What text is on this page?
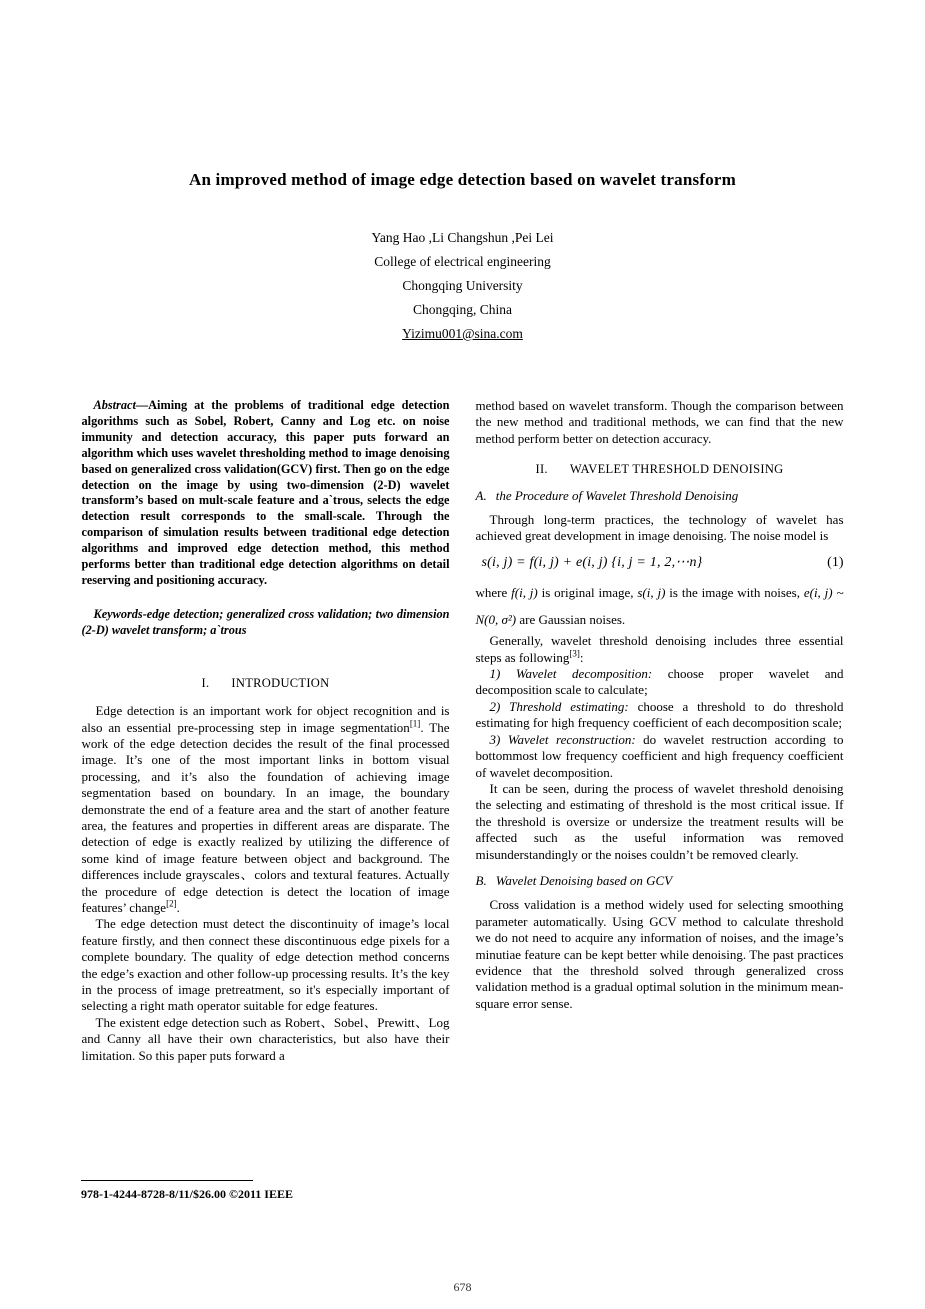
An improved method of image edge detection based on wavelet transform
Yang Hao ,Li Changshun ,Pei Lei
College of electrical engineering
Chongqing University
Chongqing, China
Yizimu001@sina.com

Abstract—Aiming at the problems of traditional edge detection algorithms such as Sobel, Robert, Canny and Log etc. on noise immunity and detection accuracy, this paper puts forward an algorithm which uses wavelet thresholding method to image denoising based on generalized cross validation(GCV) first. Then go on the edge detection on the image by using two-dimension (2-D) wavelet transform’s based on mult-scale feature and a`trous, selects the edge detection result corresponds to the small-scale. Through the comparison of simulation results between traditional edge detection algorithms and improved edge detection method, this method performs better than traditional edge detection algorithms on detail reserving and positioning accuracy.

Keywords-edge detection; generalized cross validation; two dimension (2-D) wavelet transform; a`trous

I. INTRODUCTION

Edge detection is an important work for object recognition and is also an essential pre-processing step in image segmentation[1]. The work of the edge detection decides the result of the final processed image. It’s one of the most important links in bottom visual processing, and it’s also the foundation of achieving image segmentation based on boundary. In an image, the boundary demonstrate the end of a feature area and the start of another feature area, the features and properties in different areas are disparate. The detection of edge is exactly realized by utilizing the difference of some kind of image feature between object and background. The differences include grayscales、colors and textural features. Actually the procedure of edge detection is detect the location of image features’ change[2].

The edge detection must detect the discontinuity of image’s local feature firstly, and then connect these discontinuous edge pixels for a complete boundary. The quality of edge detection method concerns the edge’s exaction and other follow-up processing results. It’s the key in the process of image pretreatment, so it's especially important of selecting a right math operator suitable for edge features.

The existent edge detection such as Robert、Sobel、Prewitt、Log and Canny all have their own characteristics, but also have their limitation. So this paper puts forward a

method based on wavelet transform. Though the comparison between the new method and traditional methods, we can find that the new method perform better on detection accuracy.

II. WAVELET THRESHOLD DENOISING
A. the Procedure of Wavelet Threshold Denoising

Through long-term practices, the technology of wavelet has achieved great development in image denoising. The noise model is

s(i, j) = f(i, j) + e(i, j) {i, j = 1, 2,⋯n}	(1)

where f(i, j) is original image, s(i, j) is the image with noises, e(i, j) ~ N(0, σ²) are Gaussian noises.

Generally, wavelet threshold denoising includes three essential steps as following[3]:

1) Wavelet decomposition: choose proper wavelet and decomposition scale to calculate;

2) Threshold estimating: choose a threshold to do threshold estimating for high frequency coefficient of each decomposition scale;

3) Wavelet reconstruction: do wavelet restruction according to bottommost low frequency coefficient and high frequency coefficient of wavelet decomposition.

It can be seen, during the process of wavelet threshold denoising the selecting and estimating of threshold is the most critical issue. If the threshold is oversize or undersize the treatment results will be affected such as the useful information was removed misunderstandingly or the noises couldn’t be removed clearly.

B. Wavelet Denoising based on GCV

Cross validation is a method widely used for selecting smoothing parameter automatically. Using GCV method to calculate threshold we do not need to acquire any information of noises, and the image’s minutiae feature can be kept better while denoising. The past practices evidence that the threshold solved through generalized cross validation method is a gradual optimal solution in the minimum mean-square error sense.

978-1-4244-8728-8/11/$26.00 ©2011 IEEE
678
